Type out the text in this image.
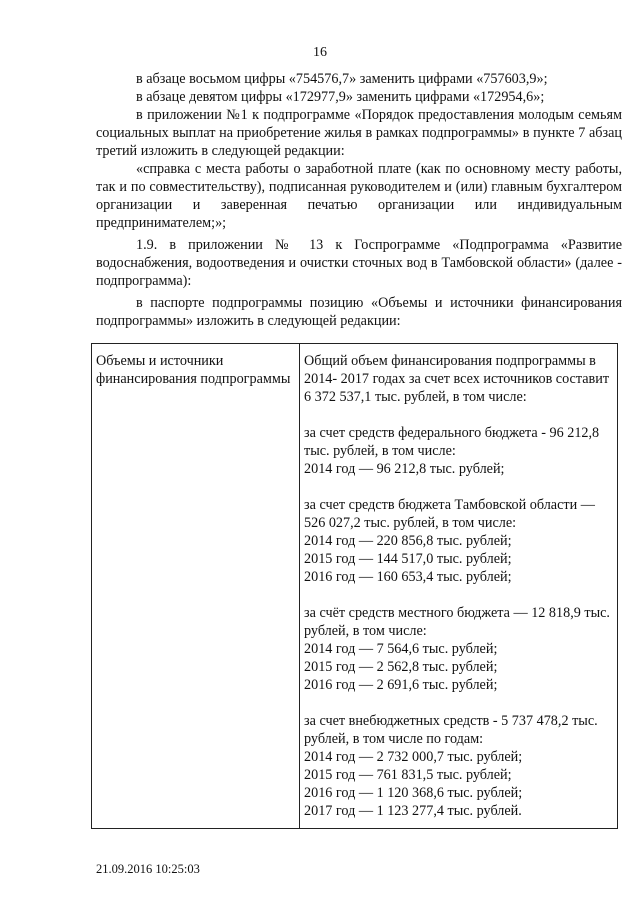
16

в абзаце восьмом цифры «754576,7» заменить цифрами «757603,9»;

в абзаце девятом цифры «172977,9» заменить цифрами «172954,6»;

в приложении №1 к подпрограмме «Порядок предоставления молодым семьям социальных выплат на приобретение жилья в рамках подпрограммы» в пункте 7 абзац третий изложить в следующей редакции:

«справка с места работы о заработной плате (как по основному месту работы, так и по совместительству), подписанная руководителем и (или) главным бухгалтером организации и заверенная печатью организации или индивидуальным предпринимателем;»;

1.9. в приложении № 13 к Госпрограмме «Подпрограмма «Развитие водоснабжения, водоотведения и очистки сточных вод в Тамбовской области» (далее - подпрограмма):

в паспорте подпрограммы позицию «Объемы и источники финансирования подпрограммы» изложить в следующей редакции:

Объемы и источники финансирования подпрограммы

Общий объем финансирования подпрограммы в 2014- 2017 годах за счет всех источников составит 6 372 537,1 тыс. рублей, в том числе:

за счет средств федерального бюджета - 96 212,8 тыс. рублей, в том числе:

2014 год — 96 212,8 тыс. рублей;

за счет средств бюджета Тамбовской области — 526 027,2 тыс. рублей, в том числе:

2014 год — 220 856,8 тыс. рублей;

2015 год — 144 517,0 тыс. рублей;

2016 год — 160 653,4 тыс. рублей;

за счёт средств местного бюджета — 12 818,9 тыс. рублей, в том числе:

2014 год — 7 564,6 тыс. рублей;

2015 год — 2 562,8 тыс. рублей;

2016 год — 2 691,6 тыс. рублей;

за счет внебюджетных средств - 5 737 478,2 тыс. рублей, в том числе по годам:

2014 год — 2 732 000,7 тыс. рублей;

2015 год — 761 831,5 тыс. рублей;

2016 год — 1 120 368,6 тыс. рублей;

2017 год — 1 123 277,4 тыс. рублей.

21.09.2016 10:25:03
